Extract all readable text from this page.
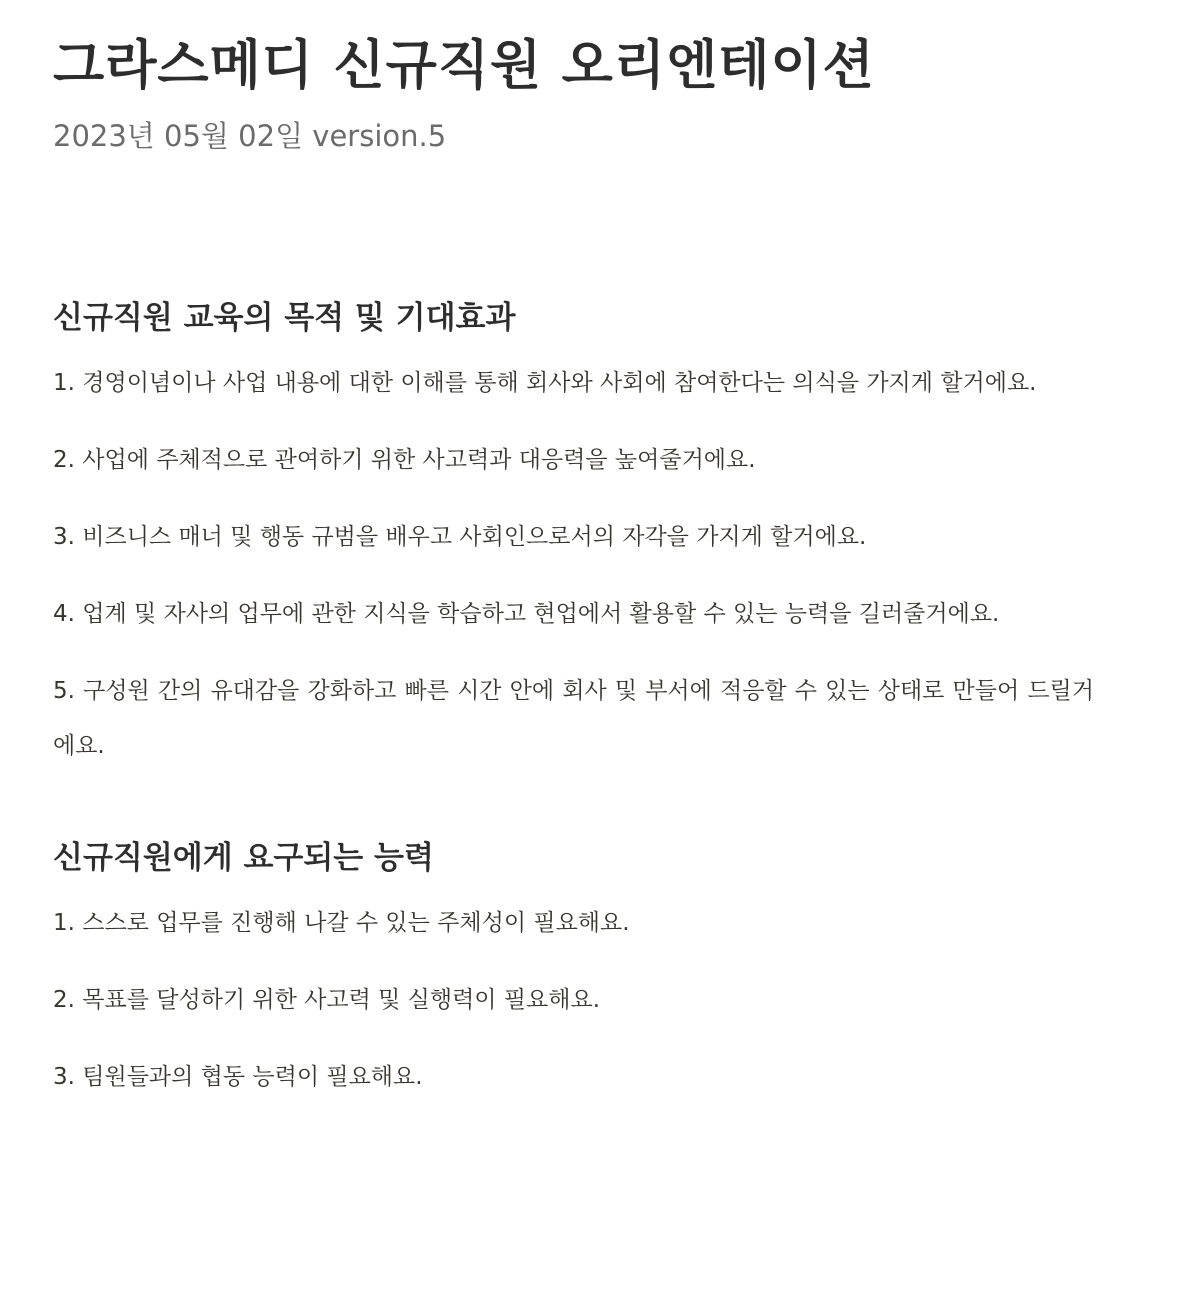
그라스메디 신규직원 오리엔테이션
2023년 05월 02일 version.5
신규직원 교육의 목적 및 기대효과
1. 경영이념이나 사업 내용에 대한 이해를 통해 회사와 사회에 참여한다는 의식을 가지게 할거에요.
2. 사업에 주체적으로 관여하기 위한 사고력과 대응력을 높여줄거에요.
3. 비즈니스 매너 및 행동 규범을 배우고 사회인으로서의 자각을 가지게 할거에요.
4. 업계 및 자사의 업무에 관한 지식을 학습하고 현업에서 활용할 수 있는 능력을 길러줄거에요.
5. 구성원 간의 유대감을 강화하고 빠른 시간 안에 회사 및 부서에 적응할 수 있는 상태로 만들어 드릴거에요.
신규직원에게 요구되는 능력
1. 스스로 업무를 진행해 나갈 수 있는 주체성이 필요해요.
2. 목표를 달성하기 위한 사고력 및 실행력이 필요해요.
3. 팀원들과의 협동 능력이 필요해요.
